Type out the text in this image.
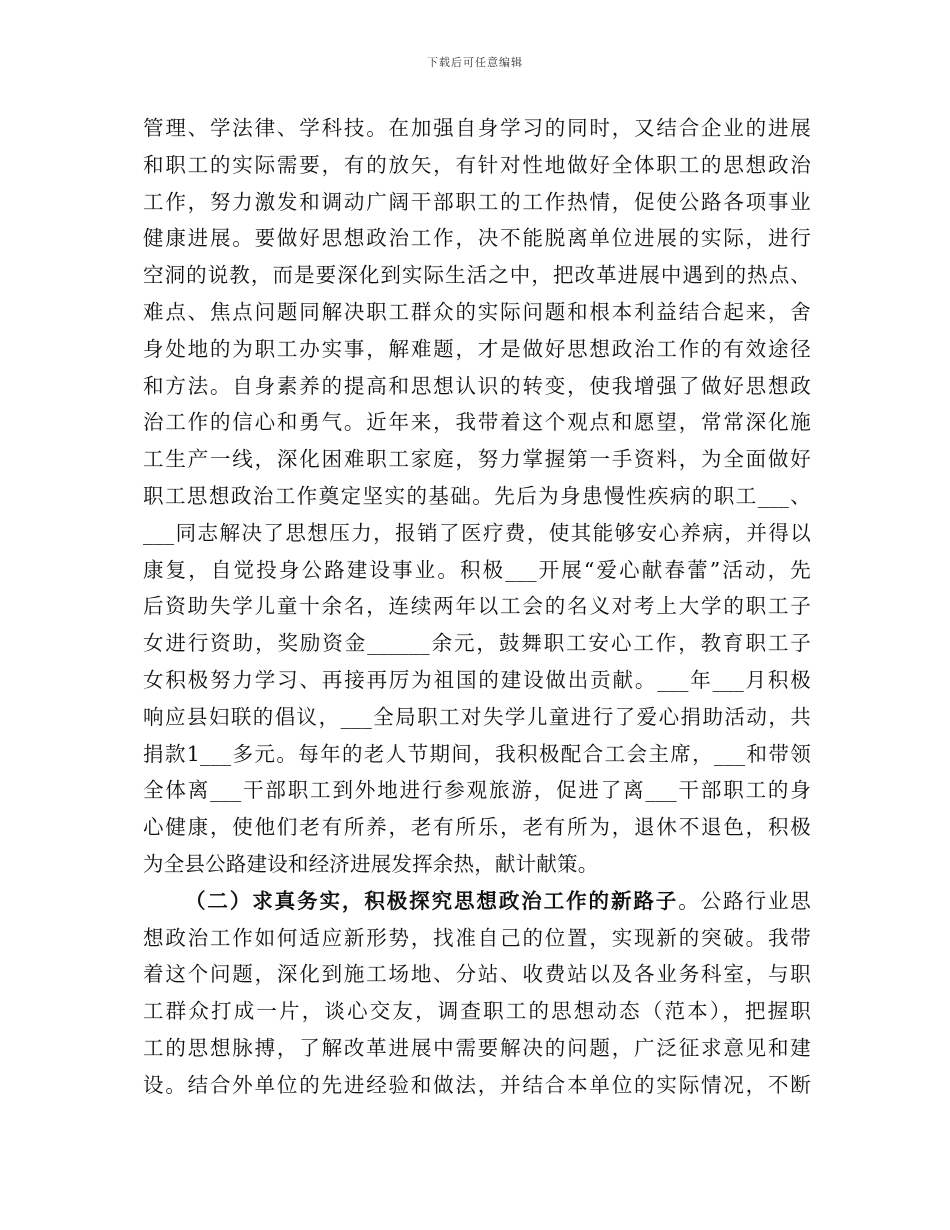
下载后可任意编辑
管理、学法律、学科技。在加强自身学习的同时，又结合企业的进展
和职工的实际需要，有的放矢，有针对性地做好全体职工的思想政治
工作，努力激发和调动广阔干部职工的工作热情，促使公路各项事业
健康进展。要做好思想政治工作，决不能脱离单位进展的实际，进行
空洞的说教，而是要深化到实际生活之中，把改革进展中遇到的热点、
难点、焦点问题同解决职工群众的实际问题和根本利益结合起来，舍
身处地的为职工办实事，解难题，才是做好思想政治工作的有效途径
和方法。自身素养的提高和思想认识的转变，使我增强了做好思想政
治工作的信心和勇气。近年来，我带着这个观点和愿望，常常深化施
工生产一线，深化困难职工家庭，努力掌握第一手资料，为全面做好
职工思想政治工作奠定坚实的基础。先后为身患慢性疾病的职工___、
___同志解决了思想压力，报销了医疗费，使其能够安心养病，并得以
康复，自觉投身公路建设事业。积极___开展“爱心献春蕾”活动，先
后资助失学儿童十余名，连续两年以工会的名义对考上大学的职工子
女进行资助，奖励资金______余元，鼓舞职工安心工作，教育职工子
女积极努力学习、再接再厉为祖国的建设做出贡献。___年___月积极
响应县妇联的倡议，___全局职工对失学儿童进行了爱心捐助活动，共
捐款1___多元。每年的老人节期间，我积极配合工会主席，___和带领
全体离___干部职工到外地进行参观旅游，促进了离___干部职工的身
心健康，使他们老有所养，老有所乐，老有所为，退休不退色，积极
为全县公路建设和经济进展发挥余热，献计献策。
（二）求真务实，积极探究思想政治工作的新路子。公路行业思
想政治工作如何适应新形势，找准自己的位置，实现新的突破。我带
着这个问题，深化到施工场地、分站、收费站以及各业务科室，与职
工群众打成一片，谈心交友，调查职工的思想动态（范本），把握职
工的思想脉搏，了解改革进展中需要解决的问题，广泛征求意见和建
设。结合外单位的先进经验和做法，并结合本单位的实际情况，不断
